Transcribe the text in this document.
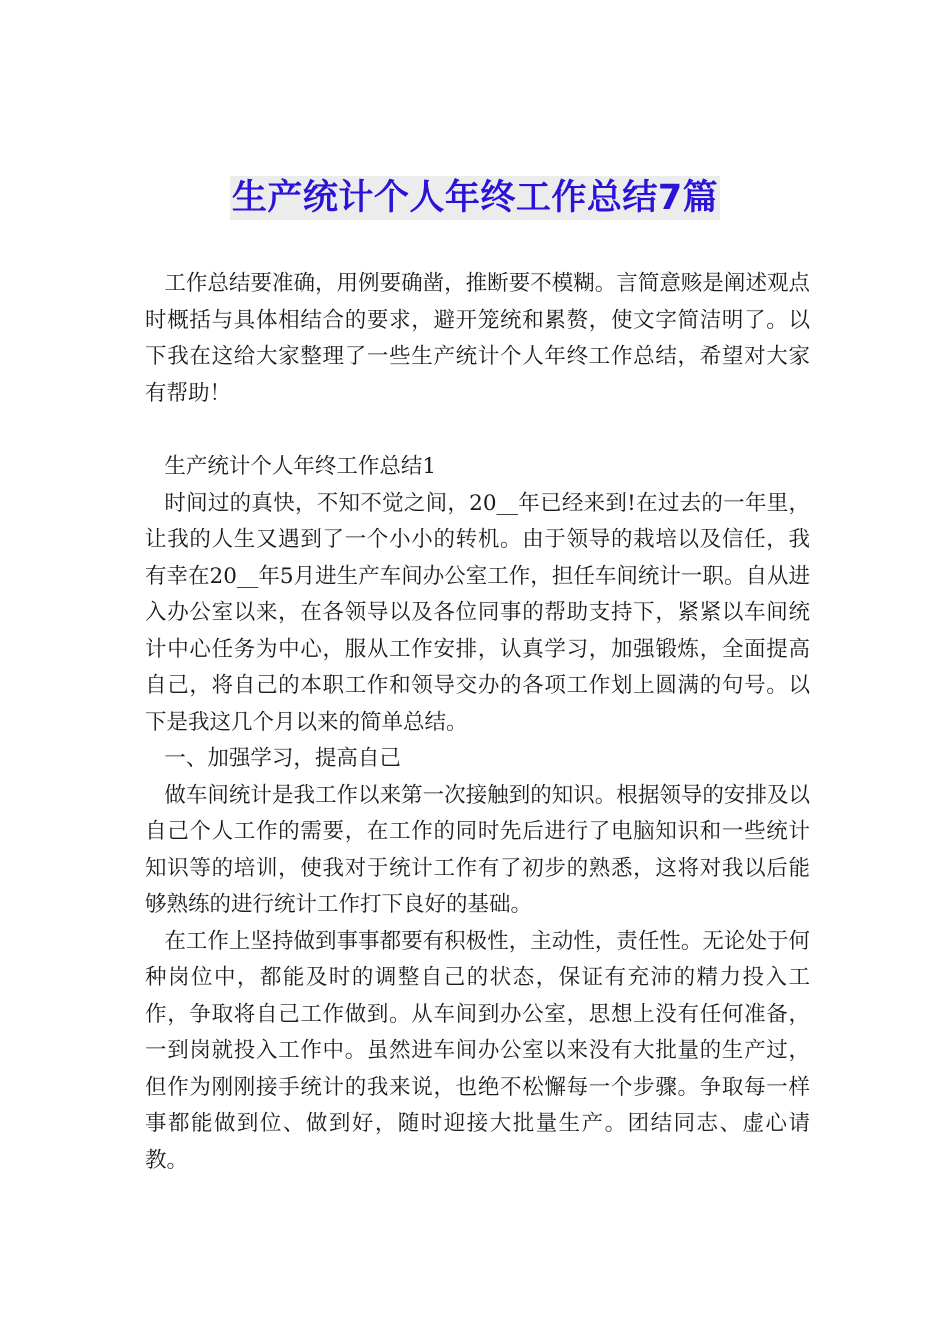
生产统计个人年终工作总结7篇

工作总结要准确，用例要确凿，推断要不模糊。言简意赅是阐述观点时概括与具体相结合的要求，避开笼统和累赘，使文字简洁明了。以下我在这给大家整理了一些生产统计个人年终工作总结，希望对大家有帮助！

生产统计个人年终工作总结1

时间过的真快，不知不觉之间，20__年已经来到!在过去的一年里，让我的人生又遇到了一个小小的转机。由于领导的栽培以及信任，我有幸在20__年5月进生产车间办公室工作，担任车间统计一职。自从进入办公室以来，在各领导以及各位同事的帮助支持下，紧紧以车间统计中心任务为中心，服从工作安排，认真学习，加强锻炼，全面提高自己，将自己的本职工作和领导交办的各项工作划上圆满的句号。以下是我这几个月以来的简单总结。

一、加强学习，提高自己

做车间统计是我工作以来第一次接触到的知识。根据领导的安排及以自己个人工作的需要，在工作的同时先后进行了电脑知识和一些统计知识等的培训，使我对于统计工作有了初步的熟悉，这将对我以后能够熟练的进行统计工作打下良好的基础。

在工作上坚持做到事事都要有积极性，主动性，责任性。无论处于何种岗位中，都能及时的调整自己的状态，保证有充沛的精力投入工作，争取将自己工作做到。从车间到办公室，思想上没有任何准备，一到岗就投入工作中。虽然进车间办公室以来没有大批量的生产过，但作为刚刚接手统计的我来说，也绝不松懈每一个步骤。争取每一样事都能做到位、做到好，随时迎接大批量生产。团结同志、虚心请教。
